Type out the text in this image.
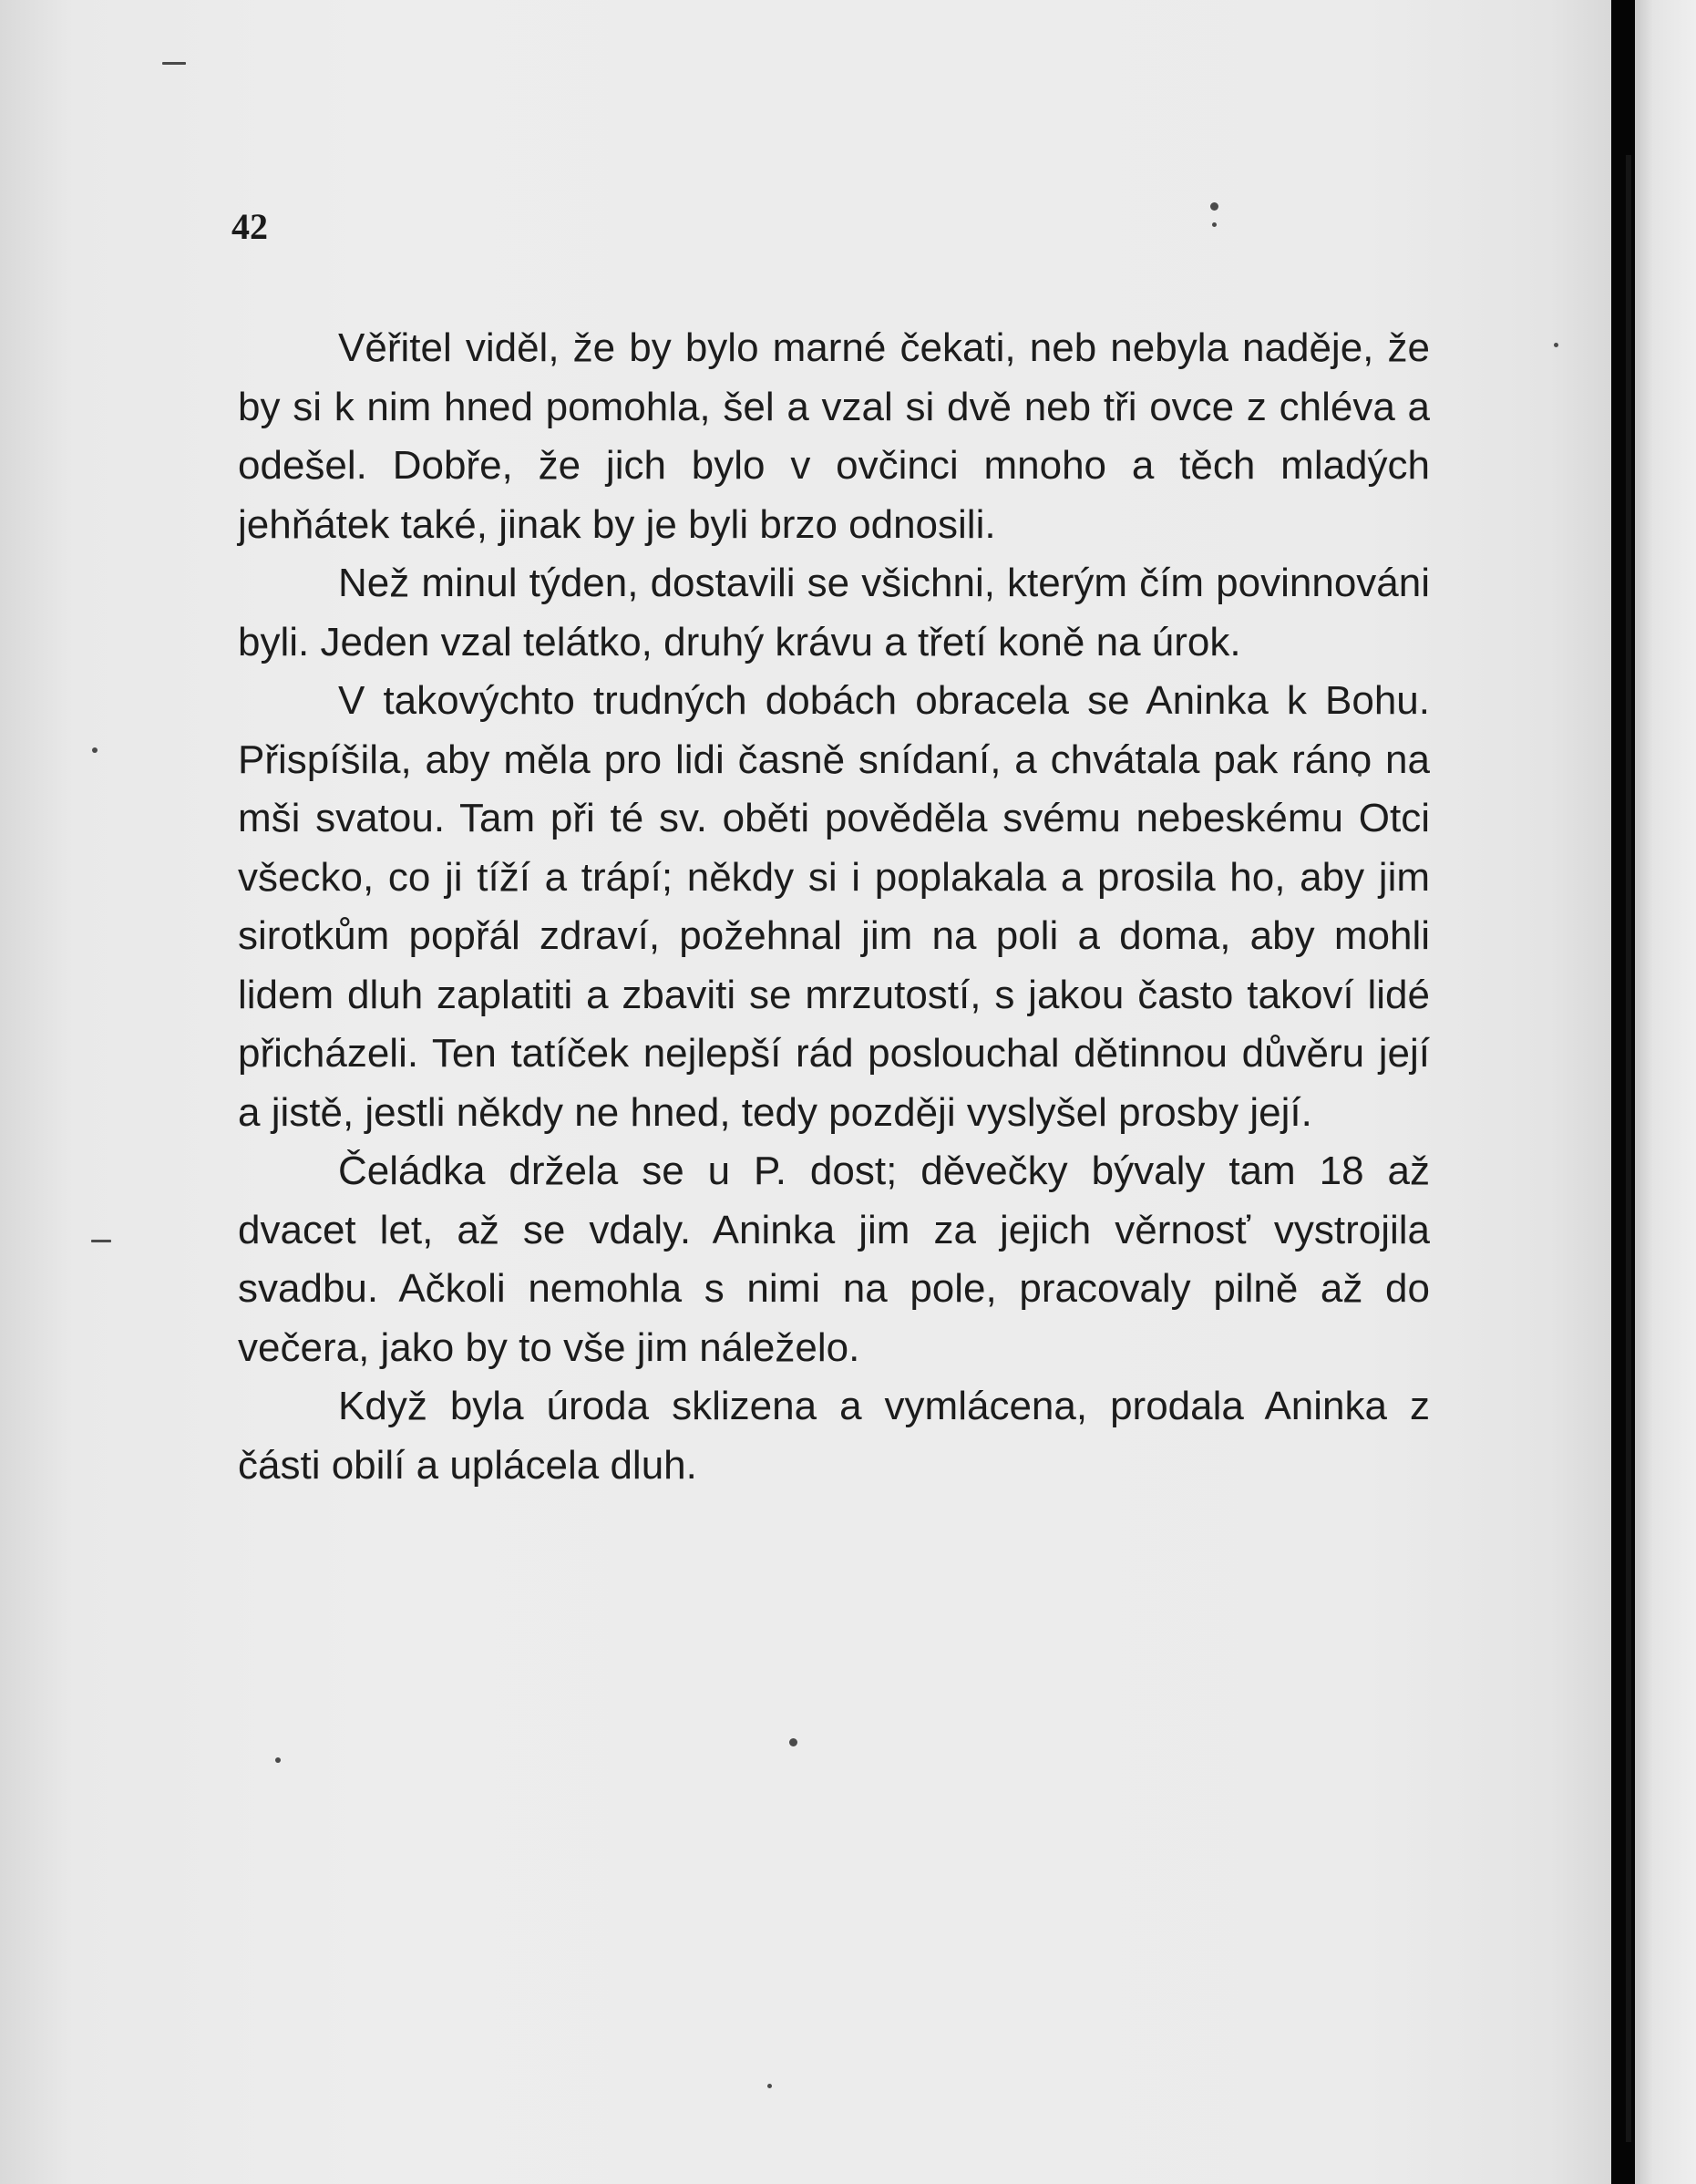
42

Věřitel viděl, že by bylo marné čekati, neb nebyla naděje, že by si k nim hned pomohla, šel a vzal si dvě neb tři ovce z chléva a odešel. Dobře, že jich bylo v ovčinci mnoho a těch mladých jehňátek také, jinak by je byli brzo odnosili.

Než minul týden, dostavili se všichni, kterým čím povinnováni byli. Jeden vzal telátko, druhý krávu a třetí koně na úrok.

V takovýchto trudných dobách obracela se Aninka k Bohu. Přispíšila, aby měla pro lidi časně snídaní, a chvátala pak ráno na mši svatou. Tam při té sv. oběti pověděla svému nebeskému Otci všecko, co ji tíží a trápí; někdy si i poplakala a prosila ho, aby jim sirotkům popřál zdraví, požehnal jim na poli a doma, aby mohli lidem dluh zaplatiti a zbaviti se mrzutostí, s jakou často takoví lidé přicházeli. Ten tatíček nejlepší rád poslouchal dětinnou důvěru její a jistě, jestli někdy ne hned, tedy později vyslyšel prosby její.

Čeládka držela se u P. dost; děvečky bývaly tam 18 až dvacet let, až se vdaly. Aninka jim za jejich věrnosť vystrojila svadbu. Ačkoli nemohla s nimi na pole, pracovaly pilně až do večera, jako by to vše jim náleželo.

Když byla úroda sklizena a vymlácena, prodala Aninka z části obilí a uplácela dluh.
